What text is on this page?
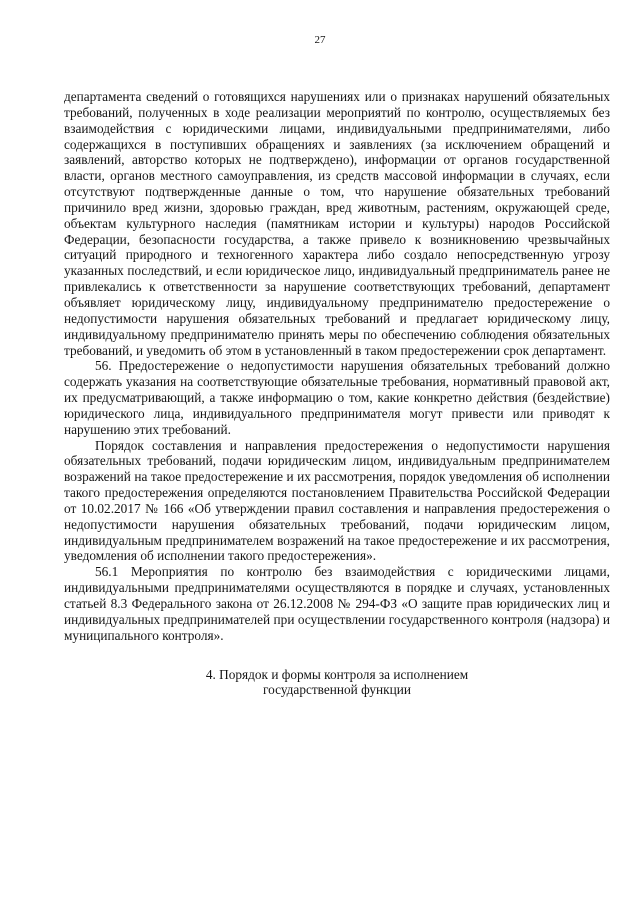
27

департамента сведений о готовящихся нарушениях или о признаках нарушений обязательных требований, полученных в ходе реализации мероприятий по контролю, осуществляемых без взаимодействия с юридическими лицами, индивидуальными предпринимателями, либо содержащихся в поступивших обращениях и заявлениях (за исключением обращений и заявлений, авторство которых не подтверждено), информации от органов государственной власти, органов местного самоуправления, из средств массовой информации в случаях, если отсутствуют подтвержденные данные о том, что нарушение обязательных требований причинило вред жизни, здоровью граждан, вред животным, растениям, окружающей среде, объектам культурного наследия (памятникам истории и культуры) народов Российской Федерации, безопасности государства, а также привело к возникновению чрезвычайных ситуаций природного и техногенного характера либо создало непосредственную угрозу указанных последствий, и если юридическое лицо, индивидуальный предприниматель ранее не привлекались к ответственности за нарушение соответствующих требований, департамент объявляет юридическому лицу, индивидуальному предпринимателю предостережение о недопустимости нарушения обязательных требований и предлагает юридическому лицу, индивидуальному предпринимателю принять меры по обеспечению соблюдения обязательных требований, и уведомить об этом в установленный в таком предостережении срок департамент.

56. Предостережение о недопустимости нарушения обязательных требований должно содержать указания на соответствующие обязательные требования, нормативный правовой акт, их предусматривающий, а также информацию о том, какие конкретно действия (бездействие) юридического лица, индивидуального предпринимателя могут привести или приводят к нарушению этих требований.

Порядок составления и направления предостережения о недопустимости нарушения обязательных требований, подачи юридическим лицом, индивидуальным предпринимателем возражений на такое предостережение и их рассмотрения, порядок уведомления об исполнении такого предостережения определяются постановлением Правительства Российской Федерации от 10.02.2017 № 166 «Об утверждении правил составления и направления предостережения о недопустимости нарушения обязательных требований, подачи юридическим лицом, индивидуальным предпринимателем возражений на такое предостережение и их рассмотрения, уведомления об исполнении такого предостережения».

56.1 Мероприятия по контролю без взаимодействия с юридическими лицами, индивидуальными предпринимателями осуществляются в порядке и случаях, установленных статьей 8.3 Федерального закона от 26.12.2008 № 294-ФЗ «О защите прав юридических лиц и индивидуальных предпринимателей при осуществлении государственного контроля (надзора) и муниципального контроля».

4. Порядок и формы контроля за исполнением
государственной функции
